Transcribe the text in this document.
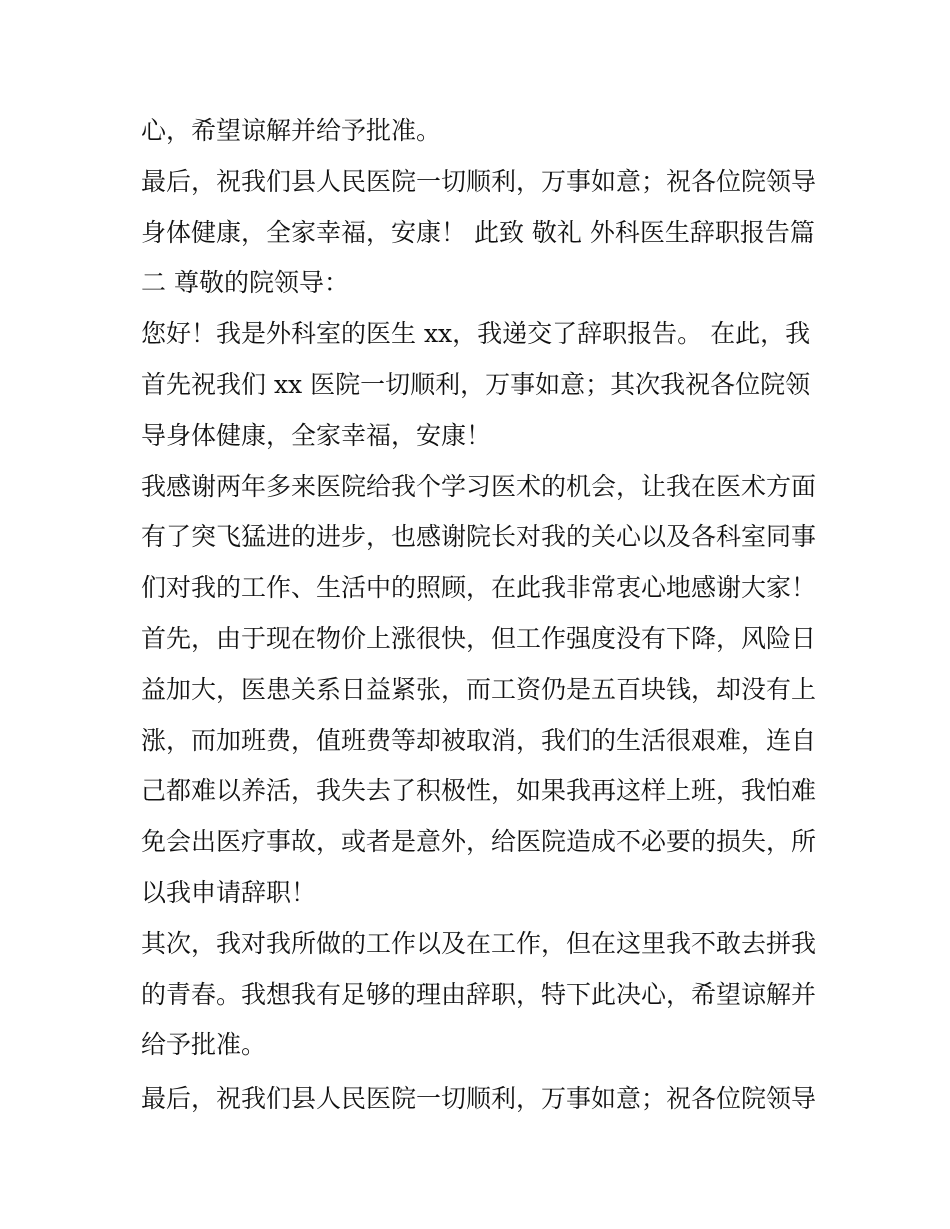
心，希望谅解并给予批准。
最后，祝我们县人民医院一切顺利，万事如意；祝各位院领导
身体健康，全家幸福，安康！ 此致 敬礼 外科医生辞职报告篇
二 尊敬的院领导：
您好！我是外科室的医生 xx，我递交了辞职报告。 在此，我
首先祝我们 xx 医院一切顺利，万事如意；其次我祝各位院领
导身体健康，全家幸福，安康！
我感谢两年多来医院给我个学习医术的机会，让我在医术方面
有了突飞猛进的进步，也感谢院长对我的关心以及各科室同事
们对我的工作、生活中的照顾，在此我非常衷心地感谢大家！
首先，由于现在物价上涨很快，但工作强度没有下降，风险日
益加大，医患关系日益紧张，而工资仍是五百块钱，却没有上
涨，而加班费，值班费等却被取消，我们的生活很艰难，连自
己都难以养活，我失去了积极性，如果我再这样上班，我怕难
免会出医疗事故，或者是意外，给医院造成不必要的损失，所
以我申请辞职！
其次，我对我所做的工作以及在工作，但在这里我不敢去拼我
的青春。我想我有足够的理由辞职，特下此决心，希望谅解并
给予批准。
最后，祝我们县人民医院一切顺利，万事如意；祝各位院领导
